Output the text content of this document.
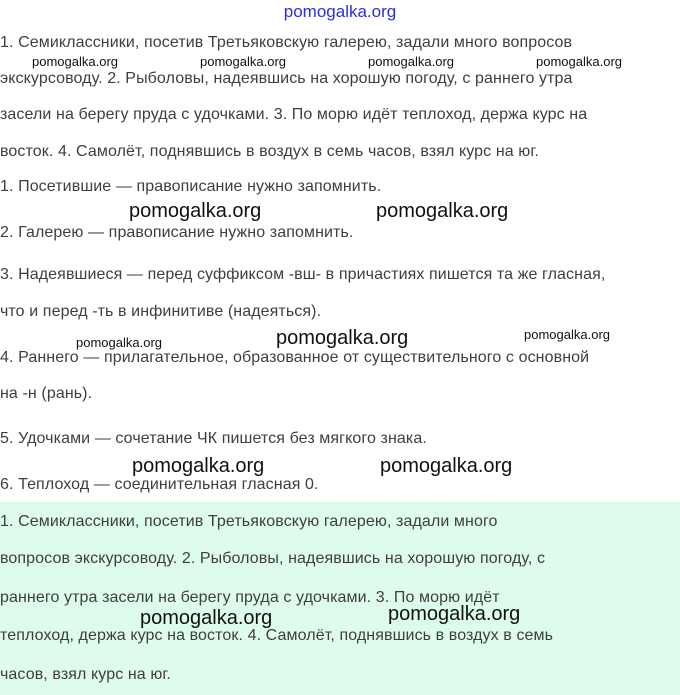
pomogalka.org
1. Семиклассники, посетив Третьяковскую галерею, задали много вопросов
экскурсоводу. 2. Рыболовы, надеявшись на хорошую погоду, с раннего утра
засели на берегу пруда с удочками. 3. По морю идёт теплоход, держа курс на
восток. 4. Самолёт, поднявшись в воздух в семь часов, взял курс на юг.
1. Посетившие — правописание нужно запомнить.
2. Галерею — правописание нужно запомнить.
3. Надеявшиеся — перед суффиксом -вш- в причастиях пишется та же гласная,
что и перед -ть в инфинитиве (надеяться).
4. Раннего — прилагательное, образованное от существительного с основной
на -н (рань).
5. Удочками — сочетание ЧК пишется без мягкого знака.
6. Теплоход — соединительная гласная 0.
1. Семиклассники, посетив Третьяковскую галерею, задали много
вопросов экскурсоводу. 2. Рыболовы, надеявшись на хорошую погоду, с
раннего утра засели на берегу пруда с удочками. 3. По морю идёт
теплоход, держа курс на восток. 4. Самолёт, поднявшись в воздух в семь
часов, взял курс на юг.
pomogalka.org	pomogalka.org	pomogalka.org	pomogalka.org
pomogalka.org	pomogalka.org
pomogalka.org	pomogalka.org	pomogalka.org
pomogalka.org	pomogalka.org
pomogalka.org	pomogalka.org
